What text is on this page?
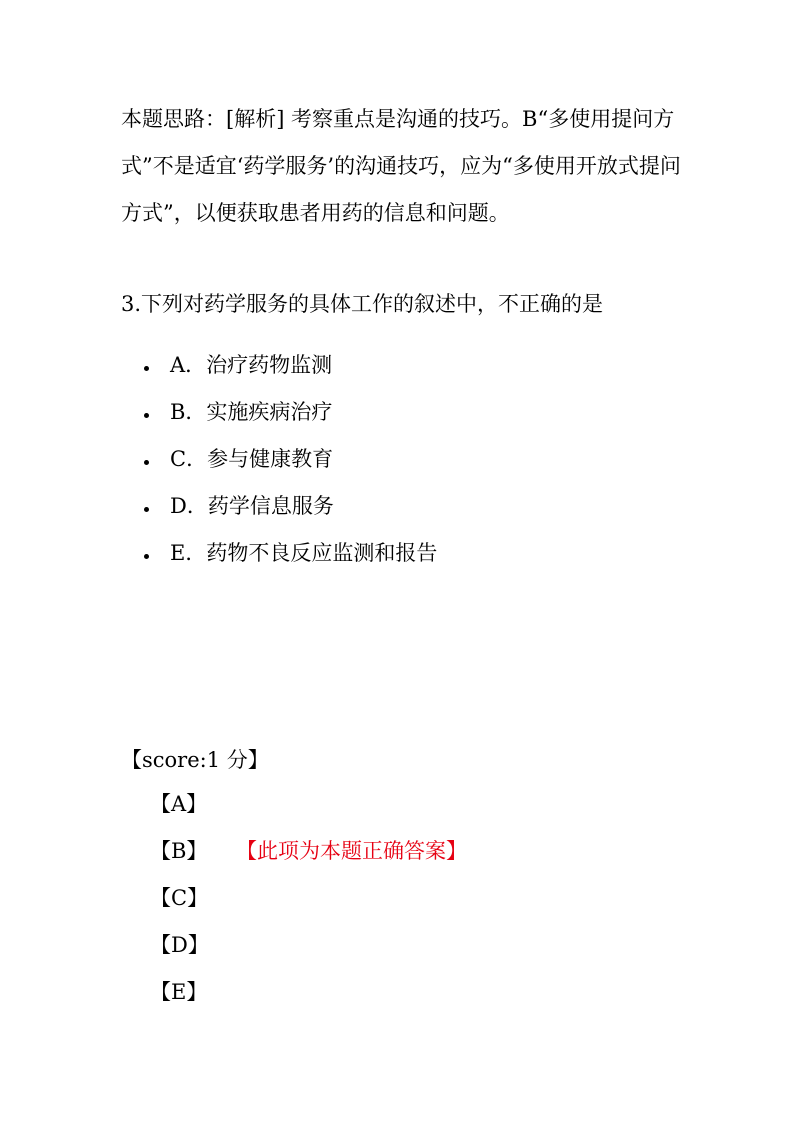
本题思路：[解析] 考察重点是沟通的技巧。B“多使用提问方式”不是适宜‘药学服务’的沟通技巧，应为“多使用开放式提问方式”，以便获取患者用药的信息和问题。
3.下列对药学服务的具体工作的叙述中，不正确的是
A．治疗药物监测
B．实施疾病治疗
C．参与健康教育
D．药学信息服务
E．药物不良反应监测和报告
【score:1 分】
【A】
【B】	【此项为本题正确答案】
【C】
【D】
【E】
